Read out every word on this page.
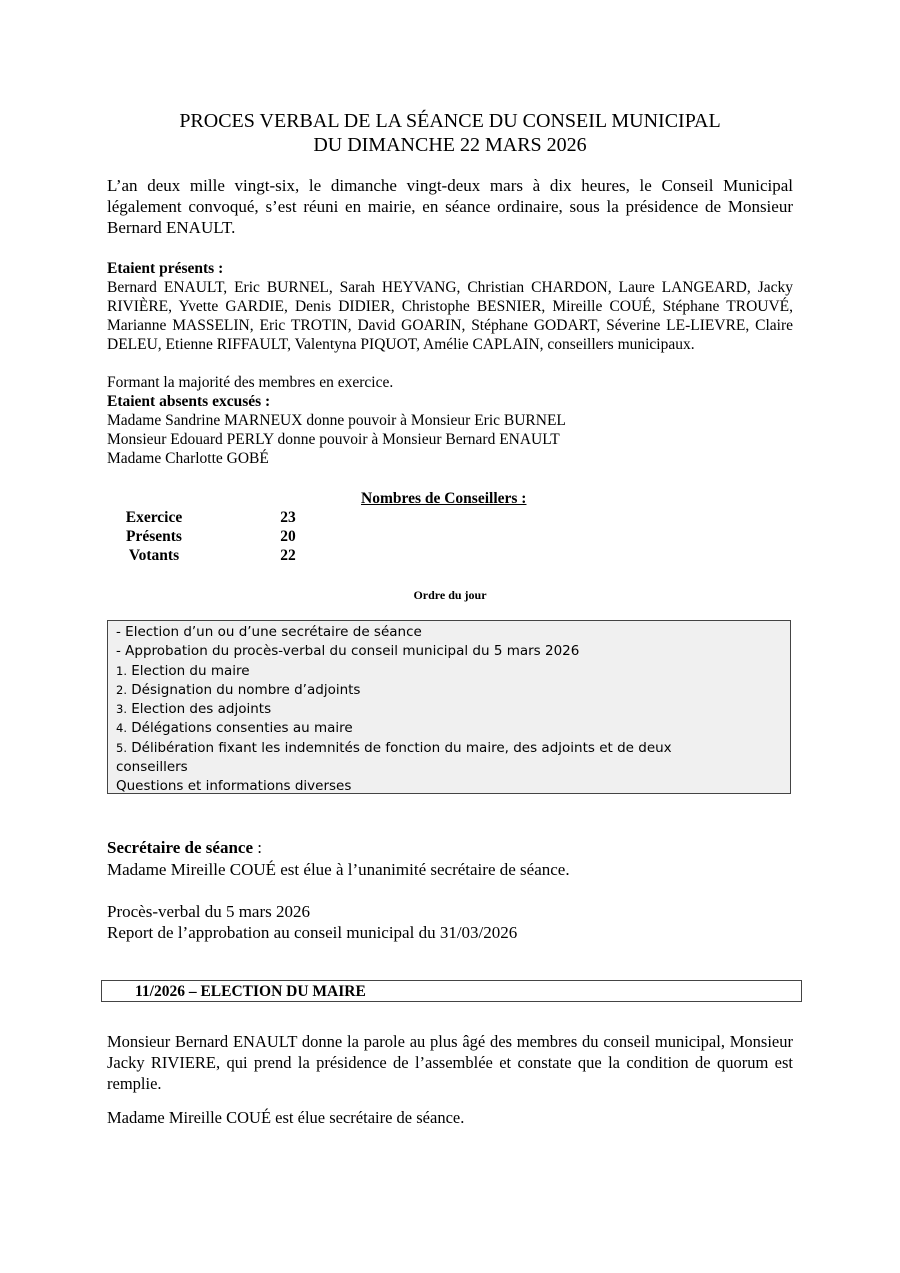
PROCES VERBAL DE LA SÉANCE DU CONSEIL MUNICIPAL
DU DIMANCHE 22 MARS 2026
L’an deux mille vingt-six, le dimanche vingt-deux mars à dix heures, le Conseil Municipal légalement convoqué, s’est réuni en mairie, en séance ordinaire, sous la présidence de Monsieur Bernard ENAULT.
Etaient présents :
Bernard ENAULT, Eric BURNEL, Sarah HEYVANG, Christian CHARDON, Laure LANGEARD, Jacky RIVIÈRE, Yvette GARDIE, Denis DIDIER, Christophe BESNIER, Mireille COUÉ, Stéphane TROUVÉ, Marianne MASSELIN, Eric TROTIN, David GOARIN, Stéphane GODART, Séverine LE-LIEVRE, Claire DELEU, Etienne RIFFAULT, Valentyna PIQUOT, Amélie CAPLAIN, conseillers municipaux.
Formant la majorité des membres en exercice.
Etaient absents excusés :
Madame Sandrine MARNEUX donne pouvoir à Monsieur Eric BURNEL
Monsieur Edouard PERLY donne pouvoir à Monsieur Bernard ENAULT
Madame Charlotte GOBÉ
Nombres de Conseillers :
Exercice	23
Présents	20
Votants	22
Ordre du jour
- Election d’un ou d’une secrétaire de séance
- Approbation du procès-verbal du conseil municipal du 5 mars 2026
1. Election du maire
2. Désignation du nombre d’adjoints
3. Election des adjoints
4. Délégations consenties au maire
5. Délibération fixant les indemnités de fonction du maire, des adjoints et de deux
conseillers
Questions et informations diverses
Secrétaire de séance :
Madame Mireille COUÉ est élue à l’unanimité secrétaire de séance.
Procès-verbal du 5 mars 2026
Report de l’approbation au conseil municipal du 31/03/2026
11/2026 – ELECTION DU MAIRE
Monsieur Bernard ENAULT donne la parole au plus âgé des membres du conseil municipal, Monsieur Jacky RIVIERE, qui prend la présidence de l’assemblée et constate que la condition de quorum est remplie.
Madame Mireille COUÉ est élue secrétaire de séance.
